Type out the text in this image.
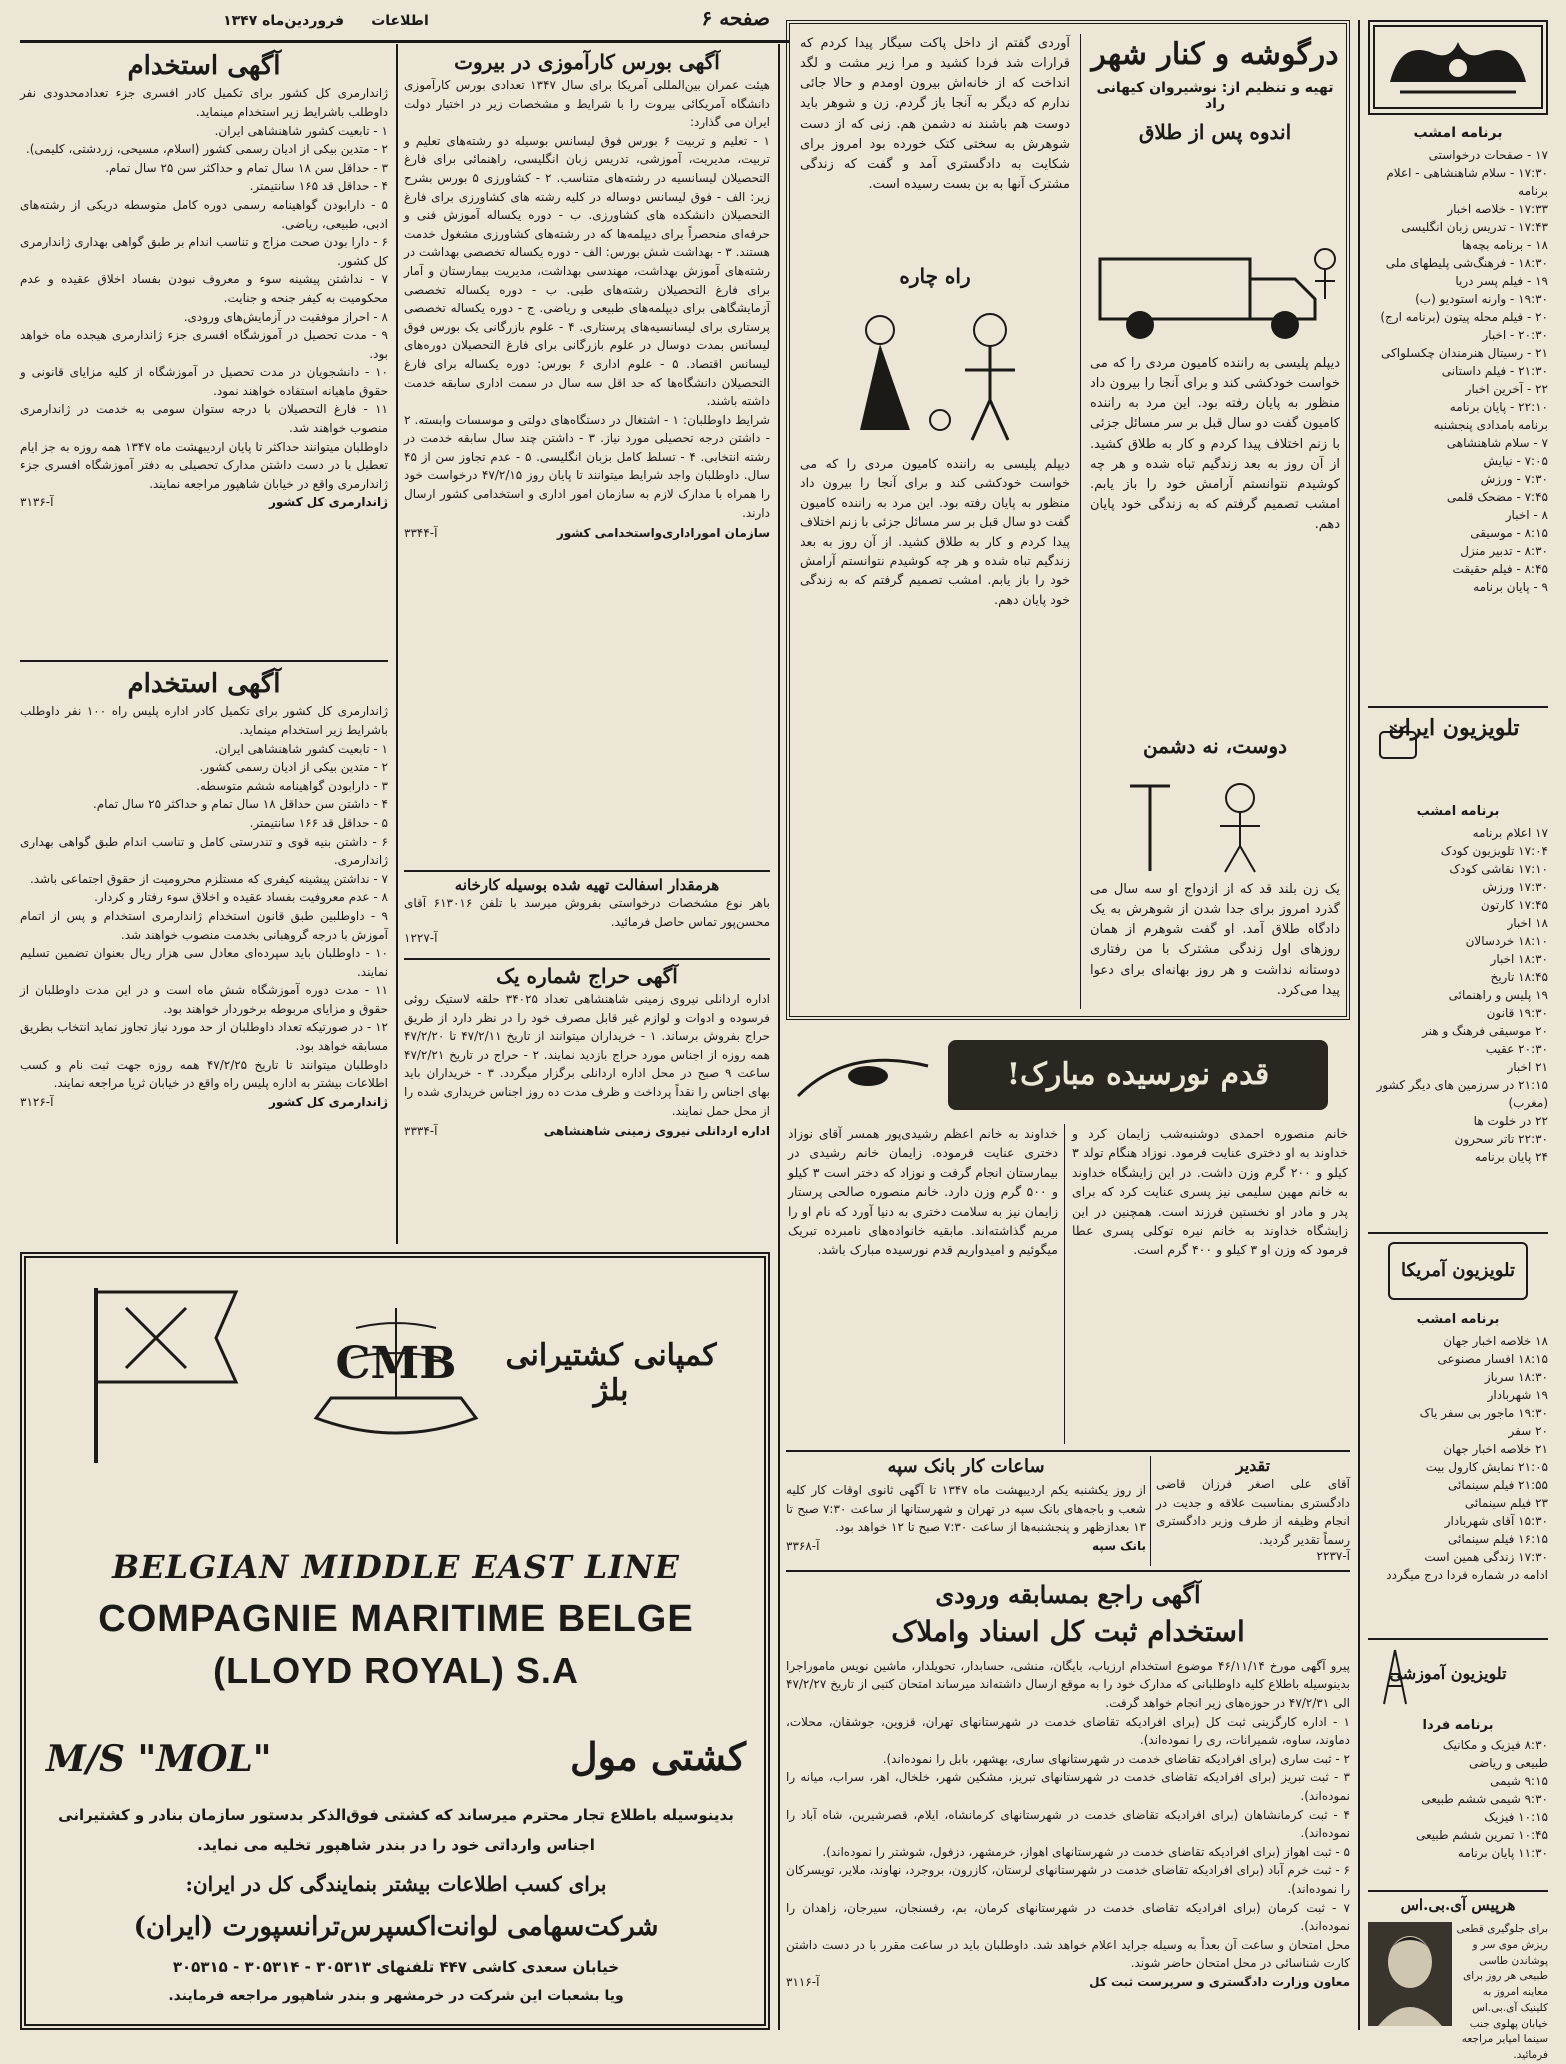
فروردین‌ماه ۱۳۴۷	اطلاعات	صفحه ۶
برنامه امشب
۱۷ - صفحات درخواستی
۱۷:۳۰ - سلام شاهنشاهی - اعلام برنامه
۱۷:۳۳ - خلاصه اخبار
۱۷:۴۳ - تدریس زبان انگلیسی
۱۸ - برنامه بچه‌ها
۱۸:۳۰ - فرهنگ‌شی پلیطهای ملی
۱۹ - فیلم پسر دریا
۱۹:۳۰ - وارنه استودیو (ب)
۲۰ - فیلم محله پیتون (برنامه ارج)
۲۰:۳۰ - اخبار
۲۱ - رسیتال هنرمندان چکسلواکی
۲۱:۳۰ - فیلم داستانی
۲۲ - آخرین اخبار
۲۲:۱۰ - پایان برنامه
برنامه بامدادی پنجشنبه
۷ - سلام شاهنشاهی
۷:۰۵ - نیایش
۷:۳۰ - ورزش
۷:۴۵ - مضحک قلمی
۸ - اخبار
۸:۱۵ - موسیقی
۸:۳۰ - تدبیر منزل
۸:۴۵ - فیلم حقیقت
۹ - پایان برنامه
تلویزیون ایران
برنامه امشب
۱۷ اعلام برنامه
۱۷:۰۴ تلویزیون کودک
۱۷:۱۰ نقاشی کودک
۱۷:۳۰ ورزش
۱۷:۴۵ کارتون
۱۸ اخبار
۱۸:۱۰ خردسالان
۱۸:۳۰ اخبار
۱۸:۴۵ تاریخ
۱۹ پلیس و راهنمائی
۱۹:۳۰ قانون
۲۰ موسیقی فرهنگ و هنر
۲۰:۳۰ عقیب
۲۱ اخبار
۲۱:۱۵ در سرزمین های دیگر کشور (مغرب)
۲۲ در خلوت ها
۲۲:۳۰ تاتر سحرون
۲۴ پایان برنامه
تلویزیون آمریکا
برنامه امشب
۱۸ خلاصه اخبار جهان
۱۸:۱۵ افسار مصنوعی
۱۸:۳۰ سرباز
۱۹ شهربادار
۱۹:۳۰ ماجور بی سفر یاک
۲۰ سفر
۲۱ خلاصه اخبار جهان
۲۱:۰۵ نمایش کارول بیت
۲۱:۵۵ فیلم سینمائی
۲۳ فیلم سینمائی
۱۵:۳۰ آقای شهربادار
۱۶:۱۵ فیلم سینمائی
۱۷:۳۰ زندگی همین است
ادامه در شماره فردا درج میگردد
تلویزیون آموزشی
برنامه فردا
۸:۳۰ فیزیک و مکانیک
طبیعی و ریاضی
۹:۱۵ شیمی
۹:۳۰ شیمی ششم طبیعی
۱۰:۱۵ فیزیک
۱۰:۴۵ تمرین ششم طبیعی
۱۱:۳۰ پایان برنامه
هرپیس آی.بی.اس
برای جلوگیری قطعی ریزش موی سر و پوشاندن طاسی طبیعی هر روز برای معاینه امروز به کلینیک آی.بی.اس خیابان پهلوی جنب سینما امپایر مراجعه فرمائید.
درگوشه و کنار شهر
تهیه و تنظیم از: نوشیروان کیهانی راد
اندوه پس از طلاق
دیپلم پلیسی به راننده کامیون مردی را که می خواست خودکشی کند و برای آنجا را بیرون داد منظور به پایان رفته بود. این مرد به راننده کامیون گفت دو سال قبل بر سر مسائل جزئی با زنم اختلاف پیدا کردم و کار به طلاق کشید. از آن روز به بعد زندگیم تباه شده و هر چه کوشیدم نتوانستم آرامش خود را باز یابم. امشب تصمیم گرفتم که به زندگی خود پایان دهم.
دوست، نه دشمن
یک زن بلند قد که از ازدواج او سه سال می گذرد امروز برای جدا شدن از شوهرش به یک دادگاه طلاق آمد. او گفت شوهرم از همان روزهای اول زندگی مشترک با من رفتاری دوستانه نداشت و هر روز بهانه‌ای برای دعوا پیدا می‌کرد.
آوردی گفتم از داخل پاکت سیگار پیدا کردم که قرارات شد فردا کشید و مرا زیر مشت و لگد انداخت که از خانه‌اش بیرون اومدم و حالا جائی ندارم که دیگر به آنجا باز گردم. زن و شوهر باید دوست هم باشند نه دشمن هم. زنی که از دست شوهرش به سختی کتک خورده بود امروز برای شکایت به دادگستری آمد و گفت که زندگی مشترک آنها به بن بست رسیده است.
راه چاره
دیپلم پلیسی به راننده کامیون مردی را که می خواست خودکشی کند و برای آنجا را بیرون داد منظور به پایان رفته بود. این مرد به راننده کامیون گفت دو سال قبل بر سر مسائل جزئی با زنم اختلاف پیدا کردم و کار به طلاق کشید. از آن روز به بعد زندگیم تباه شده و هر چه کوشیدم نتوانستم آرامش خود را باز یابم. امشب تصمیم گرفتم که به زندگی خود پایان دهم.
قدم نورسیده مبارک!
خداوند به خانم اعظم رشیدی‌پور همسر آقای نوزاد دختری عنایت فرموده. زایمان خانم رشیدی در بیمارستان انجام گرفت و نوزاد که دختر است ۳ کیلو و ۵۰۰ گرم وزن دارد. خانم منصوره صالحی پرستار زایمان نیز به سلامت دختری به دنیا آورد که نام او را مریم گذاشته‌اند. مابقیه خانواده‌های نامبرده تبریک میگوئیم و امیدواریم قدم نورسیده مبارک باشد.
خانم منصوره احمدی دوشنبه‌شب زایمان کرد و خداوند به او دختری عنایت فرمود. نوزاد هنگام تولد ۳ کیلو و ۲۰۰ گرم وزن داشت. در این زایشگاه خداوند به خانم مهین سلیمی نیز پسری عنایت کرد که برای پدر و مادر او نخستین فرزند است. همچنین در این زایشگاه خداوند به خانم نیره توکلی پسری عطا فرمود که وزن او ۳ کیلو و ۴۰۰ گرم است.
ساعات کار بانک سپه
از روز یکشنبه یکم اردیبهشت ماه ۱۳۴۷ تا آگهی ثانوی اوقات کار کلیه شعب و باجه‌های بانک سپه در تهران و شهرستانها از ساعت ۷:۳۰ صبح تا ۱۳ بعدازظهر و پنجشنبه‌ها از ساعت ۷:۳۰ صبح تا ۱۲ خواهد بود.
بانک سپه
آ-۳۳۶۸
تقدیر
آقای علی اصغر فرزان قاضی دادگستری بمناسبت علاقه و جدیت در انجام وظیفه از طرف وزیر دادگستری رسماً تقدیر گردید.
آ-۲۲۳۷
آگهی راجع بمسابقه ورودی
استخدام ثبت کل اسناد واملاک
پیرو آگهی مورخ ۴۶/۱۱/۱۴ موضوع استخدام ارزیاب، بایگان، منشی، حسابدار، تحویلدار، ماشین نویس ماموراجرا بدینوسیله باطلاع کلیه داوطلبانی که مدارک خود را به موقع ارسال داشته‌اند میرساند امتحان کتبی از تاریخ ۴۷/۲/۲۷ الی ۴۷/۲/۳۱ در حوزه‌های زیر انجام خواهد گرفت.
۱ - اداره کارگزینی ثبت کل (برای افرادیکه تقاضای خدمت در شهرستانهای تهران، قزوین، جوشقان، محلات، دماوند، ساوه، شمیرانات، ری را نموده‌اند).
۲ - ثبت ساری (برای افرادیکه تقاضای خدمت در شهرستانهای ساری، بهشهر، بابل را نموده‌اند).
۳ - ثبت تبریز (برای افرادیکه تقاضای خدمت در شهرستانهای تبریز، مشکین شهر، خلخال، اهر، سراب، میانه را نموده‌اند).
۴ - ثبت کرمانشاهان (برای افرادیکه تقاضای خدمت در شهرستانهای کرمانشاه، ایلام، قصرشیرین، شاه آباد را نموده‌اند).
۵ - ثبت اهواز (برای افرادیکه تقاضای خدمت در شهرستانهای اهواز، خرمشهر، دزفول، شوشتر را نموده‌اند).
۶ - ثبت خرم آباد (برای افرادیکه تقاضای خدمت در شهرستانهای لرستان، کازرون، بروجرد، نهاوند، ملایر، تویسرکان را نموده‌اند).
۷ - ثبت کرمان (برای افرادیکه تقاضای خدمت در شهرستانهای کرمان، بم، رفسنجان، سیرجان، زاهدان را نموده‌اند).
محل امتحان و ساعت آن بعداً به وسیله جراید اعلام خواهد شد. داوطلبان باید در ساعت مقرر با در دست داشتن کارت شناسائی در محل امتحان حاضر شوند.
معاون وزارت دادگستری و سرپرست ثبت کل
آ-۳۱۱۶
آگهی بورس کارآموزی در بیروت
هیئت عمران بین‌المللی آمریکا برای سال ۱۳۴۷ تعدادی بورس کارآموزی دانشگاه آمریکائی بیروت را با شرایط و مشخصات زیر در اختیار دولت ایران می گذارد:
۱ - تعلیم و تربیت ۶ بورس فوق لیسانس بوسیله دو رشته‌های تعلیم و تربیت، مدیریت، آموزشی، تدریس زبان انگلیسی، راهنمائی برای فارغ التحصیلان لیسانسیه در رشته‌های متناسب. ۲ - کشاورزی ۵ بورس بشرح زیر: الف - فوق لیسانس دوساله در کلیه رشته های کشاورزی برای فارغ التحصیلان دانشکده های کشاورزی. ب - دوره یکساله آموزش فنی و حرفه‌ای منحصراً برای دیپلمه‌ها که در رشته‌های کشاورزی مشغول خدمت هستند. ۳ - بهداشت شش بورس: الف - دوره یکساله تخصصی بهداشت در رشته‌های آموزش بهداشت، مهندسی بهداشت، مدیریت بیمارستان و آمار برای فارغ التحصیلان رشته‌های طبی. ب - دوره یکساله تخصصی آزمایشگاهی برای دیپلمه‌های طبیعی و ریاضی. ج - دوره یکساله تخصصی پرستاری برای لیسانسیه‌های پرستاری. ۴ - علوم بازرگانی یک بورس فوق لیسانس بمدت دوسال در علوم بازرگانی برای فارغ التحصیلان دوره‌های لیسانس اقتصاد. ۵ - علوم اداری ۶ بورس: دوره یکساله برای فارغ التحصیلان دانشگاه‌ها که حد اقل سه سال در سمت اداری سابقه خدمت داشته باشند.
شرایط داوطلبان: ۱ - اشتغال در دستگاه‌های دولتی و موسسات وابسته. ۲ - داشتن درجه تحصیلی مورد نیاز. ۳ - داشتن چند سال سابقه خدمت در رشته انتخابی. ۴ - تسلط کامل بزبان انگلیسی. ۵ - عدم تجاوز سن از ۴۵ سال. داوطلبان واجد شرایط میتوانند تا پایان روز ۴۷/۲/۱۵ درخواست خود را همراه با مدارک لازم به سازمان امور اداری و استخدامی کشور ارسال دارند.
سازمان اموراداری‌واستخدامی کشور
آ-۳۳۴۴
هرمقدار اسفالت تهیه شده بوسیله کارخانه
باهر نوع مشخصات درخواستی بفروش میرسد با تلفن ۶۱۳۰۱۶ آقای محسن‌پور تماس حاصل فرمائید.
آ-۱۲۲۷
آگهی حراج شماره یک
اداره اردانلی نیروی زمینی شاهنشاهی تعداد ۳۴۰۲۵ حلقه لاستیک روئی فرسوده و ادوات و لوازم غیر قابل مصرف خود را در نظر دارد از طریق حراج بفروش برساند. ۱ - خریداران میتوانند از تاریخ ۴۷/۲/۱۱ تا ۴۷/۲/۲۰ همه روزه از اجناس مورد حراج بازدید نمایند. ۲ - حراج در تاریخ ۴۷/۲/۲۱ ساعت ۹ صبح در محل اداره اردانلی برگزار میگردد. ۳ - خریداران باید بهای اجناس را نقداً پرداخت و ظرف مدت ده روز اجناس خریداری شده را از محل حمل نمایند.
اداره اردانلی نیروی زمینی شاهنشاهی
آ-۳۳۳۴
آگهی استخدام
ژاندارمری کل کشور برای تکمیل کادر افسری جزء تعدادمحدودی نفر داوطلب باشرایط زیر استخدام مینماید.
۱ - تابعیت کشور شاهنشاهی ایران.
۲ - متدین بیکی از ادیان رسمی کشور (اسلام، مسیحی، زردشتی، کلیمی).
۳ - حداقل سن ۱۸ سال تمام و حداکثر سن ۲۵ سال تمام.
۴ - حداقل قد ۱۶۵ سانتیمتر.
۵ - دارابودن گواهینامه رسمی دوره کامل متوسطه دریکی از رشته‌های ادبی، طبیعی، ریاضی.
۶ - دارا بودن صحت مزاج و تناسب اندام بر طبق گواهی بهداری ژاندارمری کل کشور.
۷ - نداشتن پیشینه سوء و معروف نبودن بفساد اخلاق عقیده و عدم محکومیت به کیفر جنحه و جنایت.
۸ - احراز موفقیت در آزمایش‌های ورودی.
۹ - مدت تحصیل در آموزشگاه افسری جزء ژاندارمری هیجده ماه خواهد بود.
۱۰ - دانشجویان در مدت تحصیل در آموزشگاه از کلیه مزایای قانونی و حقوق ماهیانه استفاده خواهند نمود.
۱۱ - فارغ التحصیلان با درجه ستوان سومی به خدمت در ژاندارمری منصوب خواهند شد.
داوطلبان میتوانند حداکثر تا پایان اردیبهشت ماه ۱۳۴۷ همه روزه به جز ایام تعطیل با در دست داشتن مدارک تحصیلی به دفتر آموزشگاه افسری جزء ژاندارمری واقع در خیابان شاهپور مراجعه نمایند.
ژاندارمری کل کشور
آ-۳۱۳۶
آگهی استخدام
ژاندارمری کل کشور برای تکمیل کادر اداره پلیس راه ۱۰۰ نفر داوطلب باشرایط زیر استخدام مینماید.
۱ - تابعیت کشور شاهنشاهی ایران.
۲ - متدین بیکی از ادیان رسمی کشور.
۳ - دارابودن گواهینامه ششم متوسطه.
۴ - داشتن سن حداقل ۱۸ سال تمام و حداکثر ۲۵ سال تمام.
۵ - حداقل قد ۱۶۶ سانتیمتر.
۶ - داشتن بنیه قوی و تندرستی کامل و تناسب اندام طبق گواهی بهداری ژاندارمری.
۷ - نداشتن پیشینه کیفری که مستلزم محرومیت از حقوق اجتماعی باشد.
۸ - عدم معروفیت بفساد عقیده و اخلاق سوء رفتار و کردار.
۹ - داوطلبین طبق قانون استخدام ژاندارمری استخدام و پس از اتمام آموزش با درجه گروهبانی بخدمت منصوب خواهند شد.
۱۰ - داوطلبان باید سپرده‌ای معادل سی هزار ریال بعنوان تضمین تسلیم نمایند.
۱۱ - مدت دوره آموزشگاه شش ماه است و در این مدت داوطلبان از حقوق و مزایای مربوطه برخوردار خواهند بود.
۱۲ - در صورتیکه تعداد داوطلبان از حد مورد نیاز تجاوز نماید انتخاب بطریق مسابقه خواهد بود.
داوطلبان میتوانند تا تاریخ ۴۷/۲/۲۵ همه روزه جهت ثبت نام و کسب اطلاعات بیشتر به اداره پلیس راه واقع در خیابان ثریا مراجعه نمایند.
ژاندارمری کل کشور
آ-۳۱۲۶
CMB	کمپانی کشتیرانی بلژ
BELGIAN MIDDLE EAST LINE
COMPAGNIE MARITIME BELGE
(LLOYD ROYAL) S.A
M/S "MOL"	کشتی مول
بدینوسیله باطلاع تجار محترم میرساند که کشتی فوق‌الذکر بدستور سازمان بنادر و کشتیرانی
اجناس وارداتی خود را در بندر شاهپور تخلیه می نماید.
برای کسب اطلاعات بیشتر بنمایندگی کل در ایران:
شرکت‌سهامی لوانت‌اکسپرس‌ترانسپورت (ایران)
خیابان سعدی کاشی ۴۴۷ تلفنهای ۳۰۵۳۱۳ - ۳۰۵۳۱۴ - ۳۰۵۳۱۵
ویا بشعبات این شرکت در خرمشهر و بندر شاهپور مراجعه فرمایند.
